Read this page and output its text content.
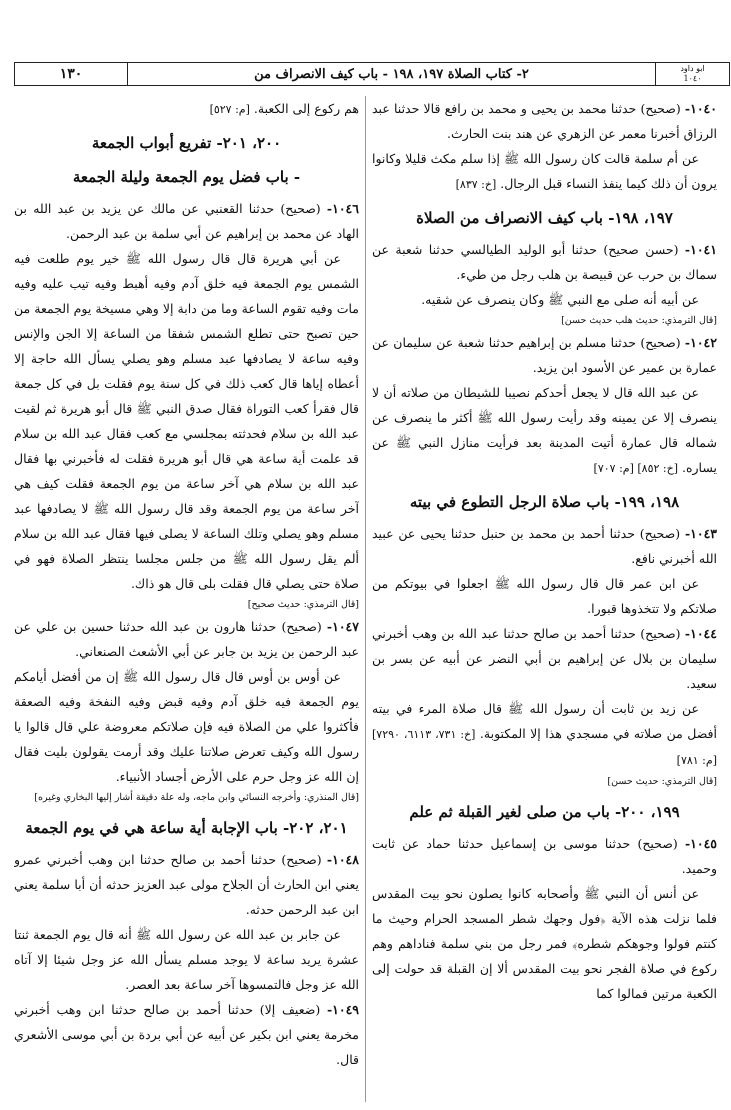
ابو داود
1٠٤٠
٢- كتاب الصلاة ١٩٧، ١٩٨ - باب كيف الانصراف من
١٣٠

١٠٤٠- (صحيح) حدثنا محمد بن يحيى و محمد بن رافع قالا حدثنا عبد الرزاق أخبرنا معمر عن الزهري عن هند بنت الحارث.

عن أم سلمة قالت كان رسول الله ﷺ إذا سلم مكث قليلا وكانوا يرون أن ذلك كيما ينفذ النساء قبل الرجال. [خ: ٨٣٧]

١٩٧، ١٩٨- باب كيف الانصراف من الصلاة

١٠٤١- (حسن صحيح) حدثنا أبو الوليد الطيالسي حدثنا شعبة عن سماك بن حرب عن قبيصة بن هلب رجل من طيء.

عن أبيه أنه صلى مع النبي ﷺ وكان ينصرف عن شقيه.

[قال الترمذي: حديث هلب حديث حسن]

١٠٤٢- (صحيح) حدثنا مسلم بن إبراهيم حدثنا شعبة عن سليمان عن عمارة بن عمير عن الأسود ابن يزيد.

عن عبد الله قال لا يجعل أحدكم نصيبا للشيطان من صلاته أن لا ينصرف إلا عن يمينه وقد رأيت رسول الله ﷺ أكثر ما ينصرف عن شماله قال عمارة أتيت المدينة بعد فرأيت منازل النبي ﷺ عن يساره. [خ: ٨٥٢] [م: ٧٠٧]

١٩٨، ١٩٩- باب صلاة الرجل التطوع في بيته

١٠٤٣- (صحيح) حدثنا أحمد بن محمد بن حنبل حدثنا يحيى عن عبيد الله أخبرني نافع.

عن ابن عمر قال قال رسول الله ﷺ اجعلوا في بيوتكم من صلاتكم ولا تتخذوها قبورا.

١٠٤٤- (صحيح) حدثنا أحمد بن صالح حدثنا عبد الله بن وهب أخبرني سليمان بن بلال عن إبراهيم بن أبي النضر عن أبيه عن بسر بن سعيد.

عن زيد بن ثابت أن رسول الله ﷺ قال صلاة المرء في بيته أفضل من صلاته في مسجدي هذا إلا المكتوبة. [خ: ٧٣١، ٦١١٣، ٧٢٩٠] [م: ٧٨١]

[قال الترمذي: حديث حسن]
١٩٩، ٢٠٠- باب من صلى لغير القبلة ثم علم

١٠٤٥- (صحيح) حدثنا موسى بن إسماعيل حدثنا حماد عن ثابت وحميد.

عن أنس أن النبي ﷺ وأصحابه كانوا يصلون نحو بيت المقدس فلما نزلت هذه الآية ﴿فول وجهك شطر المسجد الحرام وحيث ما كنتم فولوا وجوهكم شطره﴾ فمر رجل من بني سلمة فناداهم وهم ركوع في صلاة الفجر نحو بيت المقدس ألا إن القبلة قد حولت إلى الكعبة مرتين فمالوا كما

هم ركوع إلى الكعبة. [م: ٥٢٧]

٢٠٠، ٢٠١- تفريع أبواب الجمعة
- باب فضل يوم الجمعة وليلة الجمعة

١٠٤٦- (صحيح) حدثنا القعنبي عن مالك عن يزيد بن عبد الله بن الهاد عن محمد بن إبراهيم عن أبي سلمة بن عبد الرحمن.

عن أبي هريرة قال قال رسول الله ﷺ خير يوم طلعت فيه الشمس يوم الجمعة فيه خلق آدم وفيه أهبط وفيه تيب عليه وفيه مات وفيه تقوم الساعة وما من دابة إلا وهي مسيخة يوم الجمعة من حين تصبح حتى تطلع الشمس شفقا من الساعة إلا الجن والإنس وفيه ساعة لا يصادفها عبد مسلم وهو يصلي يسأل الله حاجة إلا أعطاه إياها قال كعب ذلك في كل سنة يوم فقلت بل في كل جمعة قال فقرأ كعب التوراة فقال صدق النبي ﷺ قال أبو هريرة ثم لقيت عبد الله بن سلام فحدثته بمجلسي مع كعب فقال عبد الله بن سلام قد علمت أية ساعة هي قال أبو هريرة فقلت له فأخبرني بها فقال عبد الله بن سلام هي آخر ساعة من يوم الجمعة فقلت كيف هي آخر ساعة من يوم الجمعة وقد قال رسول الله ﷺ لا يصادفها عبد مسلم وهو يصلي وتلك الساعة لا يصلى فيها فقال عبد الله بن سلام ألم يقل رسول الله ﷺ من جلس مجلسا ينتظر الصلاة فهو في صلاة حتى يصلي قال فقلت بلى قال هو ذاك.

[قال الترمذي: حديث صحيح]

١٠٤٧- (صحيح) حدثنا هارون بن عبد الله حدثنا حسين بن علي عن عبد الرحمن بن يزيد بن جابر عن أبي الأشعث الصنعاني.

عن أوس بن أوس قال قال رسول الله ﷺ إن من أفضل أيامكم يوم الجمعة فيه خلق آدم وفيه قبض وفيه النفخة وفيه الصعقة فأكثروا علي من الصلاة فيه فإن صلاتكم معروضة علي قال قالوا يا رسول الله وكيف تعرض صلاتنا عليك وقد أرمت يقولون بليت فقال إن الله عز وجل حرم على الأرض أجساد الأنبياء.

[قال المنذري: وأخرجه النسائي وابن ماجه، وله علة دقيقة أشار إليها البخاري وغيره]
٢٠١، ٢٠٢- باب الإجابة أية ساعة هي في يوم الجمعة

١٠٤٨- (صحيح) حدثنا أحمد بن صالح حدثنا ابن وهب أخبرني عمرو يعني ابن الحارث أن الجلاح مولى عبد العزيز حدثه أن أبا سلمة يعني ابن عبد الرحمن حدثه.

عن جابر بن عبد الله عن رسول الله ﷺ أنه قال يوم الجمعة ثنتا عشرة يريد ساعة لا يوجد مسلم يسأل الله عز وجل شيئا إلا آتاه الله عز وجل فالتمسوها آخر ساعة بعد العصر.

١٠٤٩- (ضعيف إلا) حدثنا أحمد بن صالح حدثنا ابن وهب أخبرني مخرمة يعني ابن بكير عن أبيه عن أبي بردة بن أبي موسى الأشعري قال.
